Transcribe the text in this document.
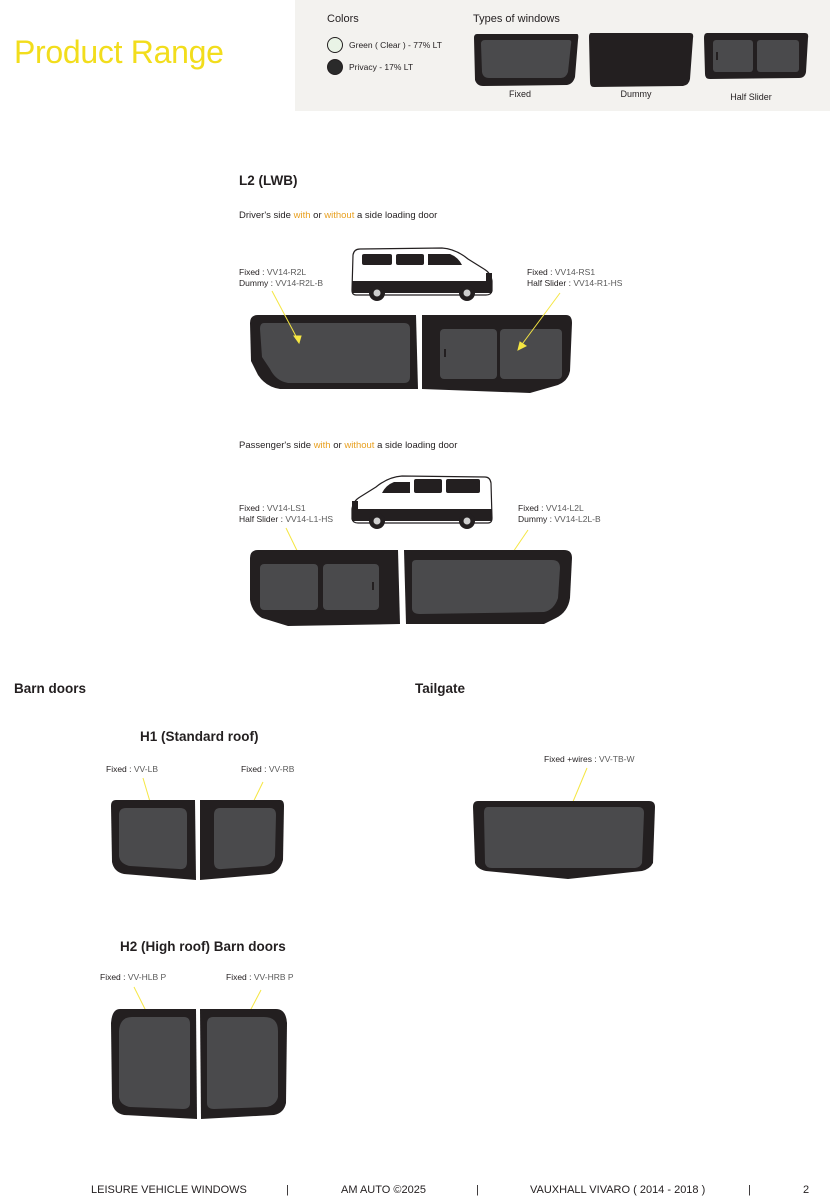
Product Range
Colors
Green ( Clear ) - 77% LT
Privacy - 17% LT
Types of windows
Fixed	Dummy	Half Slider
L2 (LWB)
Driver's side with or without a side loading door

Fixed : VV14-R2L
Dummy : VV14-R2L-B
Fixed : VV14-RS1
Half Slider : VV14-R1-HS
Passenger's side with or without a side loading door
Fixed : VV14-LS1
Half Slider : VV14-L1-HS
Fixed : VV14-L2L
Dummy : VV14-L2L-B
Barn doors	Tailgate
H1 (Standard roof)
Fixed : VV-LB	Fixed : VV-RB
Fixed +wires : VV-TB-W
H2 (High roof) Barn doors
Fixed : VV-HLB P	Fixed : VV-HRB P
LEISURE VEHICLE WINDOWS	|	AM AUTO ©2025	|	VAUXHALL VIVARO ( 2014 - 2018 )	|	2
